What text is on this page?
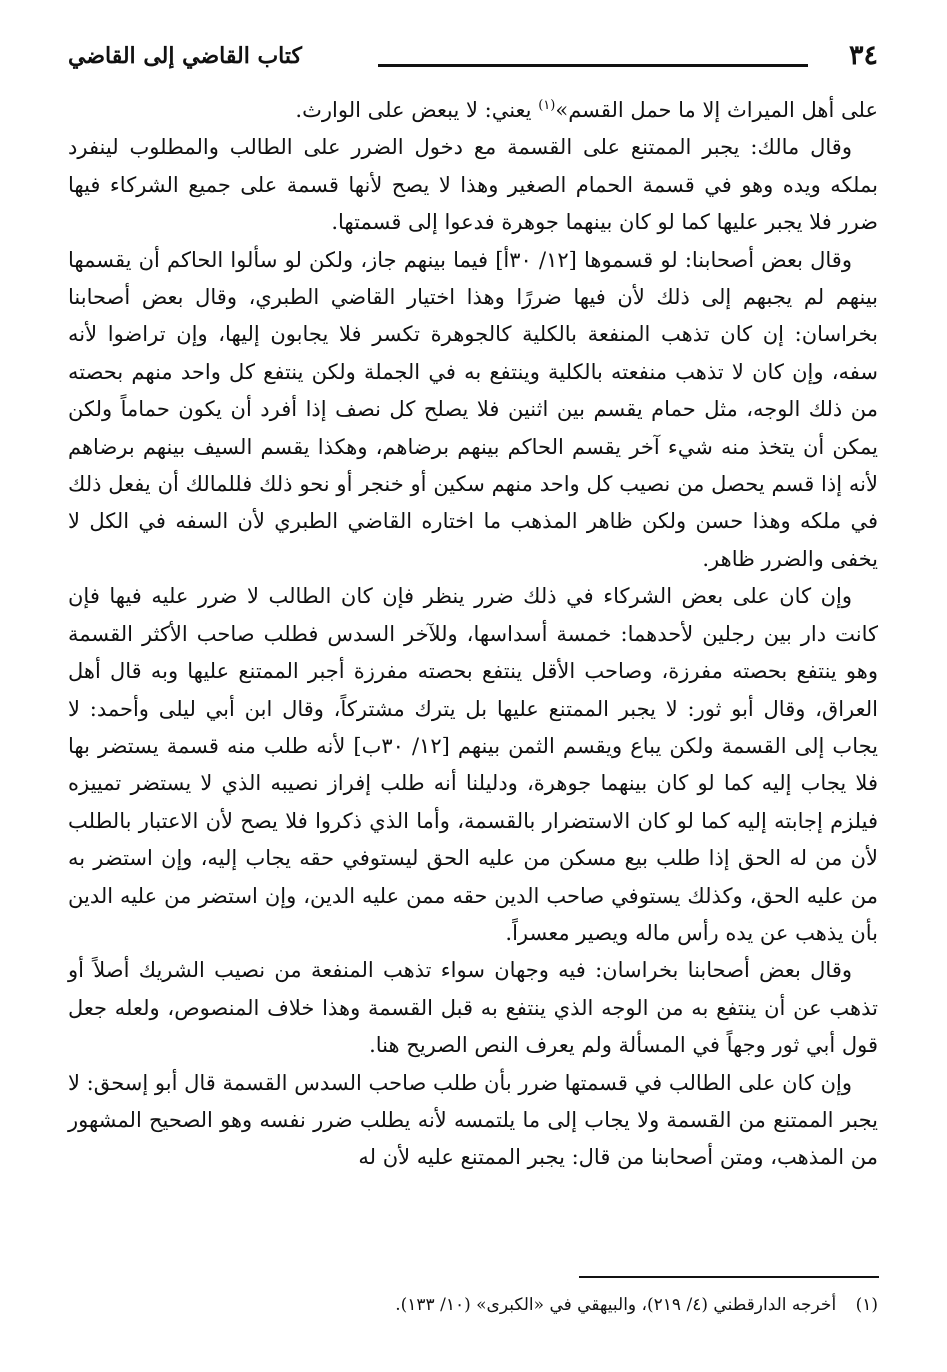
٣٤
كتاب القاضي إلى القاضي

على أهل الميراث إلا ما حمل القسم»$^{(١)}$ يعني: لا يبعض على الوارث.

وقال مالك: يجبر الممتنع على القسمة مع دخول الضرر على الطالب والمطلوب لينفرد بملكه ويده وهو في قسمة الحمام الصغير وهذا لا يصح لأنها قسمة على جميع الشركاء فيها ضرر فلا يجبر عليها كما لو كان بينهما جوهرة فدعوا إلى قسمتها.

وقال بعض أصحابنا: لو قسموها [١٢/ ٣٠أ] فيما بينهم جاز، ولكن لو سألوا الحاكم أن يقسمها بينهم لم يجبهم إلى ذلك لأن فيها ضررًا وهذا اختيار القاضي الطبري، وقال بعض أصحابنا بخراسان: إن كان تذهب المنفعة بالكلية كالجوهرة تكسر فلا يجابون إليها، وإن تراضوا لأنه سفه، وإن كان لا تذهب منفعته بالكلية وينتفع به في الجملة ولكن ينتفع كل واحد منهم بحصته من ذلك الوجه، مثل حمام يقسم بين اثنين فلا يصلح كل نصف إذا أفرد أن يكون حماماً ولكن يمكن أن يتخذ منه شيء آخر يقسم الحاكم بينهم برضاهم، وهكذا يقسم السيف بينهم برضاهم لأنه إذا قسم يحصل من نصيب كل واحد منهم سكين أو خنجر أو نحو ذلك فللمالك أن يفعل ذلك في ملكه وهذا حسن ولكن ظاهر المذهب ما اختاره القاضي الطبري لأن السفه في الكل لا يخفى والضرر ظاهر.

وإن كان على بعض الشركاء في ذلك ضرر ينظر فإن كان الطالب لا ضرر عليه فيها فإن كانت دار بين رجلين لأحدهما: خمسة أسداسها، وللآخر السدس فطلب صاحب الأكثر القسمة وهو ينتفع بحصته مفرزة، وصاحب الأقل ينتفع بحصته مفرزة أجبر الممتنع عليها وبه قال أهل العراق، وقال أبو ثور: لا يجبر الممتنع عليها بل يترك مشتركاً، وقال ابن أبي ليلى وأحمد: لا يجاب إلى القسمة ولكن يباع ويقسم الثمن بينهم [١٢/ ٣٠ب] لأنه طلب منه قسمة يستضر بها فلا يجاب إليه كما لو كان بينهما جوهرة، ودليلنا أنه طلب إفراز نصيبه الذي لا يستضر تمييزه فيلزم إجابته إليه كما لو كان الاستضرار بالقسمة، وأما الذي ذكروا فلا يصح لأن الاعتبار بالطلب لأن من له الحق إذا طلب بيع مسكن من عليه الحق ليستوفي حقه يجاب إليه، وإن استضر به من عليه الحق، وكذلك يستوفي صاحب الدين حقه ممن عليه الدين، وإن استضر من عليه الدين بأن يذهب عن يده رأس ماله ويصير معسراً.

وقال بعض أصحابنا بخراسان: فيه وجهان سواء تذهب المنفعة من نصيب الشريك أصلاً أو تذهب عن أن ينتفع به من الوجه الذي ينتفع به قبل القسمة وهذا خلاف المنصوص، ولعله جعل قول أبي ثور وجهاً في المسألة ولم يعرف النص الصريح هنا.

وإن كان على الطالب في قسمتها ضرر بأن طلب صاحب السدس القسمة قال أبو إسحق: لا يجبر الممتنع من القسمة ولا يجاب إلى ما يلتمسه لأنه يطلب ضرر نفسه وهو الصحيح المشهور من المذهب، ومتن أصحابنا من قال: يجبر الممتنع عليه لأن له

(١) أخرجه الدارقطني (٤/ ٢١٩)، والبيهقي في «الكبرى» (١٠/ ١٣٣).
